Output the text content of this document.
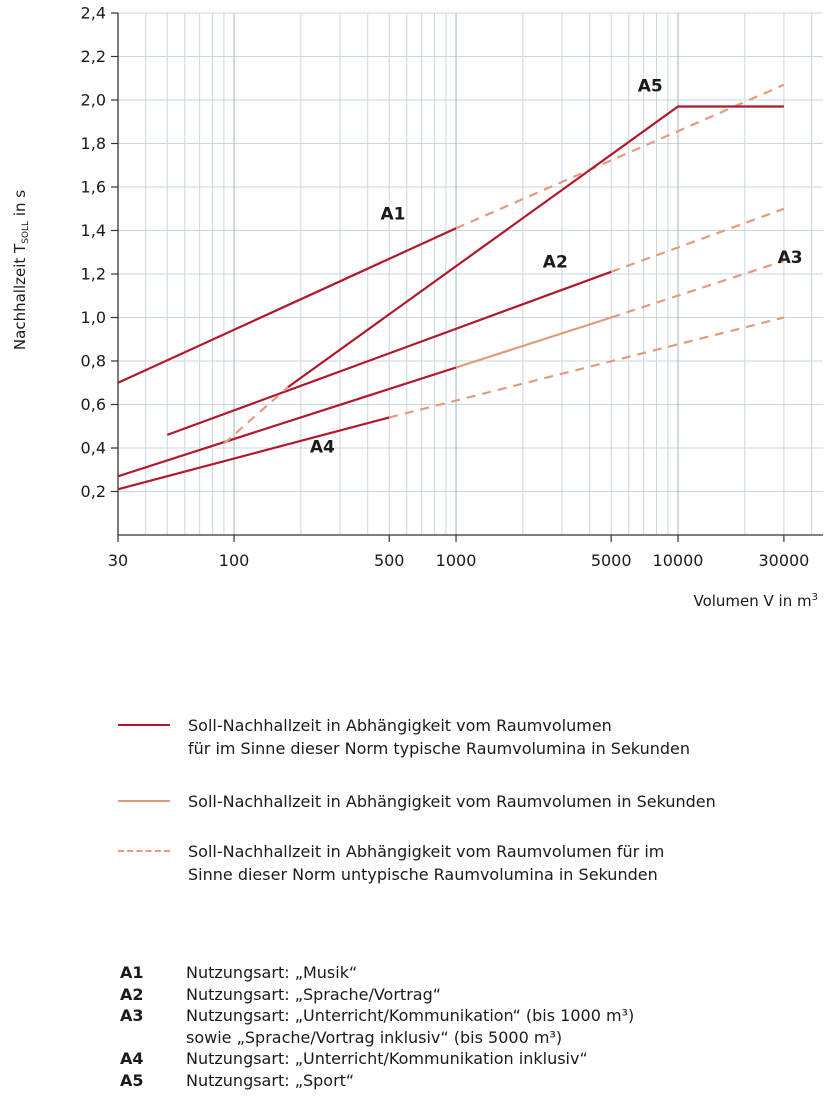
0,2
0,4
0,6
0,8
1,0
1,2
1,4
1,6
1,8
2,0
2,2
2,4
30	100	500 1000	5000 10000	30000
A1
A2	A3
A4
A5
Nachhallzeit $T_{SOLL}$ in s
Volumen V in $m^3$
Soll-Nachhallzeit in Abhängigkeit vom Raumvolumen
für im Sinne dieser Norm typische Raumvolumina in Sekunden
Soll-Nachhallzeit in Abhängigkeit vom Raumvolumen in Sekunden
Soll-Nachhallzeit in Abhängigkeit vom Raumvolumen für im
Sinne dieser Norm untypische Raumvolumina in Sekunden
A1	Nutzungsart: „Musik“
A2	Nutzungsart: „Sprache/Vortrag“
A3	Nutzungsart: „Unterricht/Kommunikation“ (bis 1000 m³)
sowie „Sprache/Vortrag inklusiv“ (bis 5000 m³)
A4	Nutzungsart: „Unterricht/Kommunikation inklusiv“
A5	Nutzungsart: „Sport“
